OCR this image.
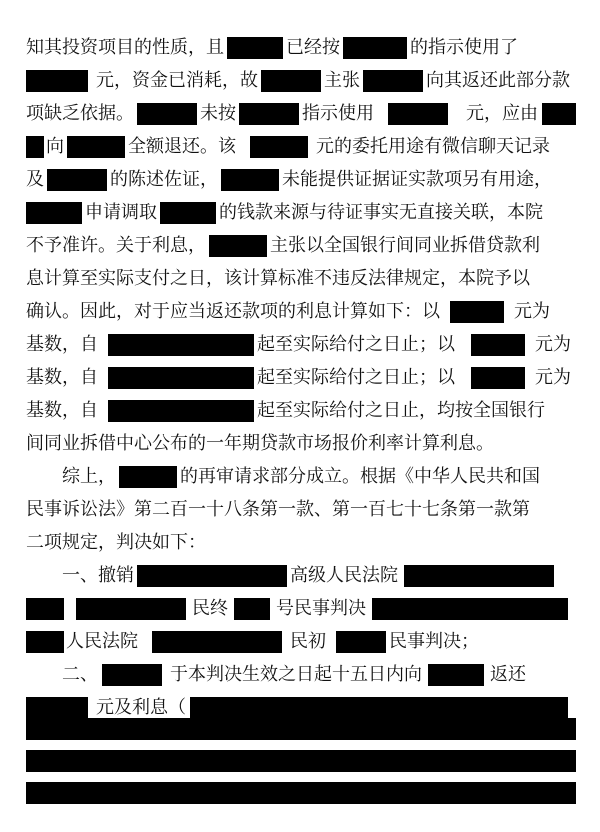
知其投资项目的性质，且	已经按	的指示使用了
元，资金已消耗，故	主张	向其返还此部分款
项缺乏依据。	未按	指示使用	元，应由
向	全额退还。该	元的委托用途有微信聊天记录
及	的陈述佐证，	未能提供证据证实款项另有用途，
申请调取	的钱款来源与待证事实无直接关联，本院
不予准许。关于利息，	主张以全国银行间同业拆借贷款利
息计算至实际支付之日，该计算标准不违反法律规定，本院予以
确认。因此，对于应当返还款项的利息计算如下：以	元为
基数，自	起至实际给付之日止；以	元为
基数，自	起至实际给付之日止；以	元为
基数，自	起至实际给付之日止，均按全国银行
间同业拆借中心公布的一年期贷款市场报价利率计算利息。
综上，	的再审请求部分成立。根据《中华人民共和国
民事诉讼法》第二百一十八条第一款、第一百七十七条第一款第
二项规定，判决如下：
一、撤销	高级人民法院
民终	号民事判决
人民法院	民初	民事判决；
二、	于本判决生效之日起十五日内向	返还
元及利息（
